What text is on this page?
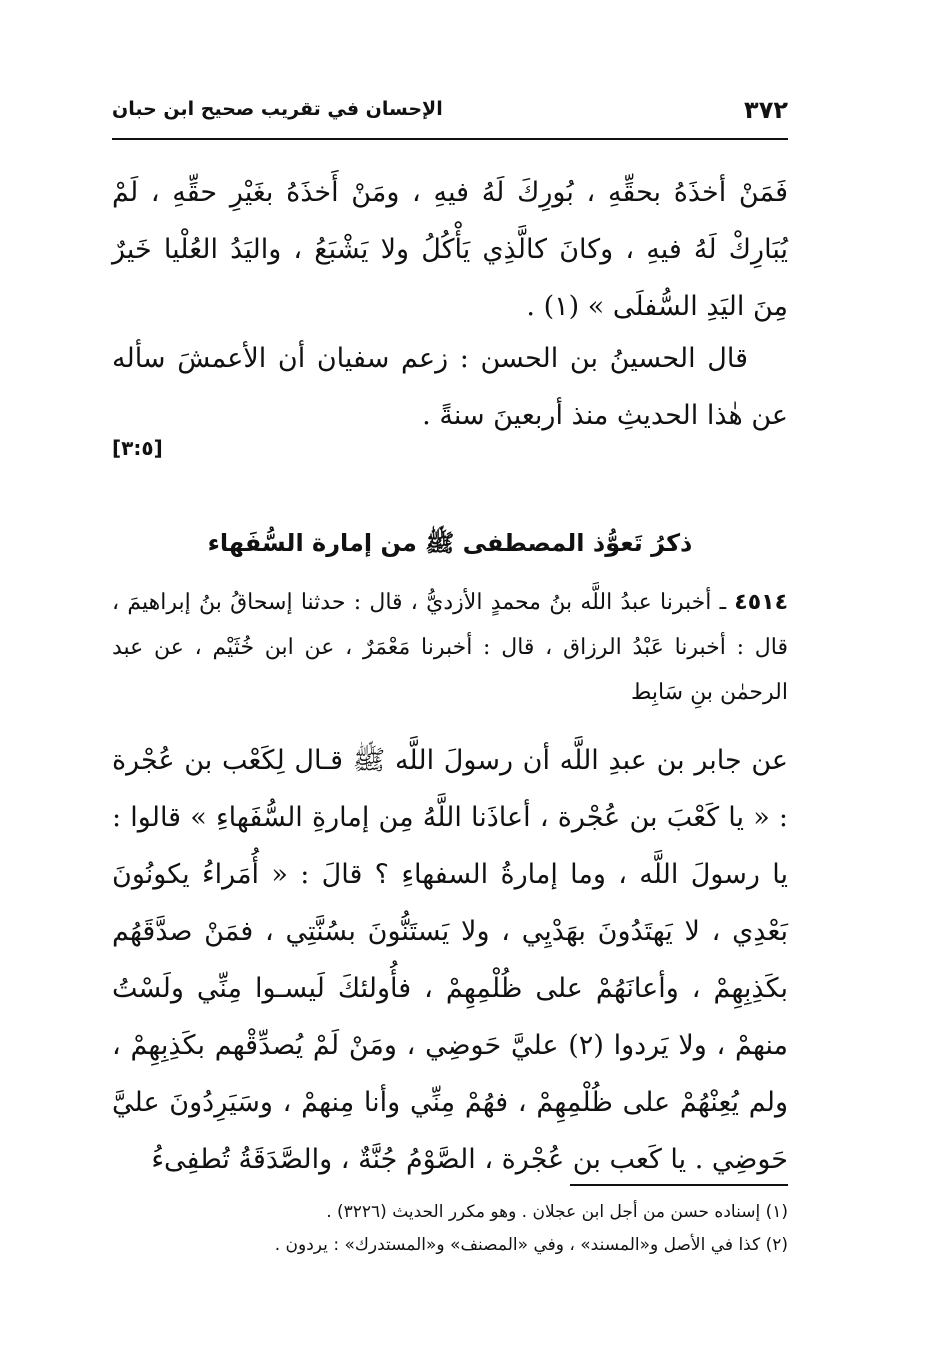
٣٧٢
الإحسان في تقريب صحيح ابن حبان
فَمَنْ أخذَهُ بحقِّهِ ، بُورِكَ لَهُ فيهِ ، ومَنْ أَخذَهُ بغَيْرِ حقِّهِ ، لَمْ يُبَارِكْ لَهُ فيهِ ، وكانَ كالَّذِي يَأْكُلُ ولا يَشْبَعُ ، واليَدُ العُلْيا خَيرٌ مِنَ اليَدِ السُّفلَى » (١) .
قال الحسينُ بن الحسن : زعم سفيان أن الأعمشَ سأله عن هٰذا الحديثِ منذ أربعينَ سنةً .
[٣:٥]
ذكرُ تَعوُّذ المصطفى ﷺ من إمارة السُّفَهاء
٤٥١٤ ـ أخبرنا عبدُ اللَّه بنُ محمدٍ الأزديُّ ، قال : حدثنا إسحاقُ بنُ إبراهيمَ ، قال : أخبرنا عَبْدُ الرزاق ، قال : أخبرنا مَعْمَرٌ ، عن ابن خُثَيْم ، عن عبد الرحمٰن بنِ سَابِط
عن جابر بن عبدِ اللَّه أن رسولَ اللَّه ﷺ قـال لِكَعْب بن عُجْرة : « يا كَعْبَ بن عُجْرة ، أعاذَنا اللَّهُ مِن إمارةِ السُّفَهاءِ » قالوا : يا رسولَ اللَّه ، وما إمارةُ السفهاءِ ؟ قالَ : « أُمَراءُ يكونُونَ بَعْدِي ، لا يَهتَدُونَ بهَدْيِي ، ولا يَستَنُّونَ بسُنَّتِي ، فمَنْ صدَّقَهُم بكَذِبِهِمْ ، وأعانَهُمْ على ظُلْمِهِمْ ، فأُولئكَ لَيسـوا مِنِّي ولَسْتُ منهمْ ، ولا يَردوا (٢) عليَّ حَوضِي ، ومَنْ لَمْ يُصدِّقْهم بكَذِبِهِمْ ، ولم يُعِنْهُمْ على ظُلْمِهِمْ ، فهُمْ مِنِّي وأنا مِنهمْ ، وسَيَرِدُونَ عليَّ حَوضِي . يا كَعب بن عُجْرة ، الصَّوْمُ جُنَّةٌ ، والصَّدَقَةُ تُطفِىءُ
(١) إسناده حسن من أجل ابن عجلان . وهو مكرر الحديث (٣٢٢٦) .
(٢) كذا في الأصل و«المسند» ، وفي «المصنف» و«المستدرك» : يردون .
